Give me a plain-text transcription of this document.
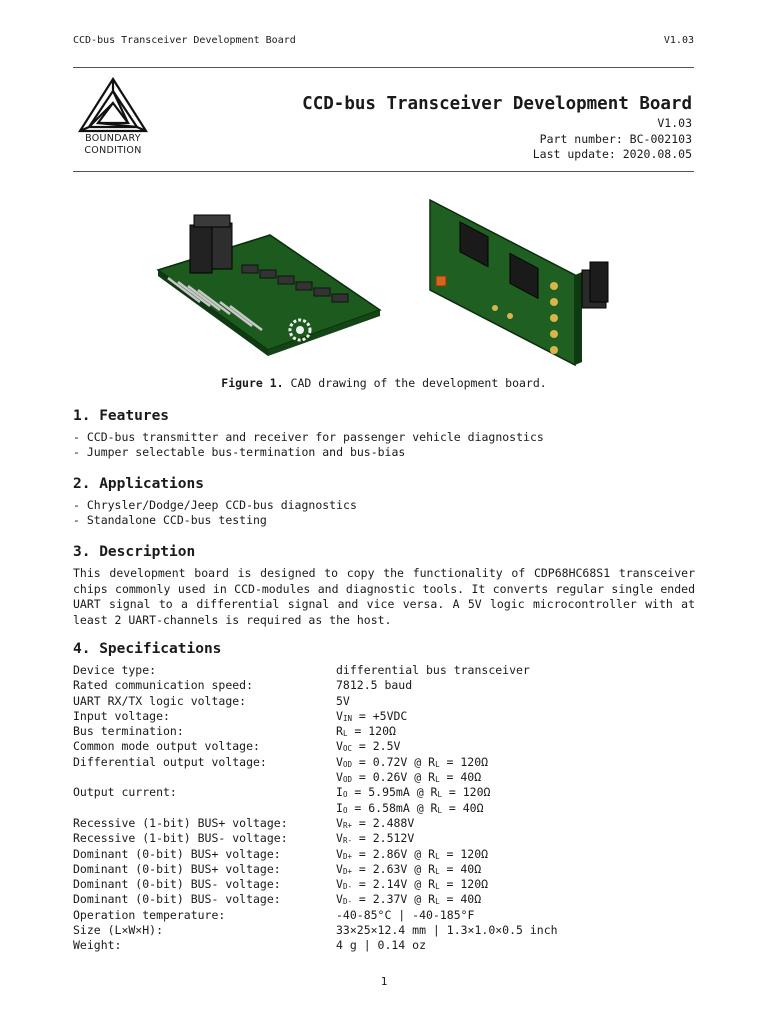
CCD-bus Transceiver Development Board	V1.03
BOUNDARY
CONDITION
CCD-bus Transceiver Development Board
V1.03
Part number: BC-002103
Last update: 2020.08.05
Figure 1. CAD drawing of the development board.
1. Features
- CCD-bus transmitter and receiver for passenger vehicle diagnostics
- Jumper selectable bus-termination and bus-bias
2. Applications
- Chrysler/Dodge/Jeep CCD-bus diagnostics
- Standalone CCD-bus testing
3. Description
This development board is designed to copy the functionality of CDP68HC68S1 transceiver chips commonly used in CCD-modules and diagnostic tools. It converts regular single ended UART signal to a differential signal and vice versa. A 5V logic microcontroller with at least 2 UART-channels is required as the host.
4. Specifications
Device type:	differential bus transceiver
Rated communication speed:	7812.5 baud
UART RX/TX logic voltage:	5V
Input voltage:	$V_{IN} = +5VDC$
Bus termination:	$R_L = 120\Omega$
Common mode output voltage:	$V_{OC} = 2.5V$
Differential output voltage:	$V_{OD} = 0.72V$ @ $R_L = 120\Omega$
$V_{OD} = 0.26V$ @ $R_L = 40\Omega$
Output current:	$I_O = 5.95mA$ @ $R_L = 120\Omega$
$I_O = 6.58mA$ @ $R_L = 40\Omega$
Recessive (1-bit) BUS+ voltage:	$V_{R+} = 2.488V$
Recessive (1-bit) BUS- voltage:	$V_{R-} = 2.512V$
Dominant (0-bit) BUS+ voltage:	$V_{D+} = 2.86V$ @ $R_L = 120\Omega$
Dominant (0-bit) BUS+ voltage:	$V_{D+} = 2.63V$ @ $R_L = 40\Omega$
Dominant (0-bit) BUS- voltage:	$V_{D-} = 2.14V$ @ $R_L = 120\Omega$
Dominant (0-bit) BUS- voltage:	$V_{D-} = 2.37V$ @ $R_L = 40\Omega$
Operation temperature:	-40-85°C | -40-185°F
Size (L×W×H):	33×25×12.4 mm | 1.3×1.0×0.5 inch
Weight:	4 g | 0.14 oz
1
